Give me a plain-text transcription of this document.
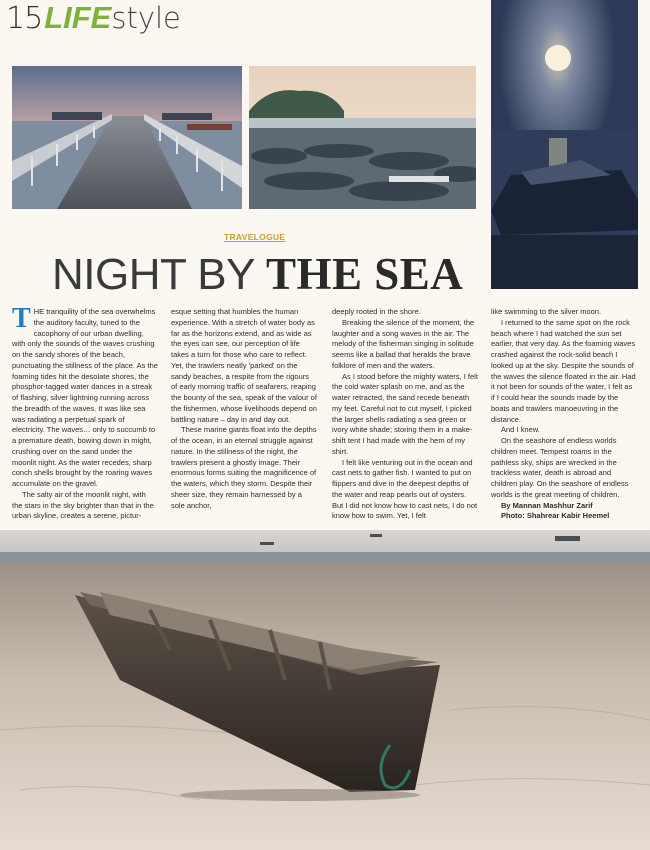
15 LIFE style
TRAVELOGUE
NIGHT BY THE SEA

THE tranquility of the sea overwhelms the auditory faculty, tuned to the cacophony of our urban dwelling, with only the sounds of the waves crushing on the sandy shores of the beach, punctuating the stillness of the place. As the foaming tides hit the desolate shores, the phosphor-tagged water dances in a streak of flashing, silver lightning running across the breadth of the waves. It was like sea was radiating a perpetual spark of electricity. The waves… only to succumb to a premature death, bowing down in might, crushing over on the sand under the moonlit night. As the water recedes, sharp conch shells brought by the roaring waves accumulate on the gravel.

The salty air of the moonlit night, with the stars in the sky brighter than that in the urban skyline, creates a serene, pictur-

esque setting that humbles the human experience. With a stretch of water body as far as the horizons extend, and as wide as the eyes can see, our perception of life takes a turn for those who care to reflect. Yet, the trawlers neatly 'parked' on the sandy beaches, a respite from the rigours of early morning traffic of seafarers, reaping the bounty of the sea, speak of the valour of the fishermen, whose livelihoods depend on battling nature – day in and day out.

These marine giants float into the depths of the ocean, in an eternal struggle against nature. In the stillness of the night, the trawlers present a ghostly image. Their enormous forms suiting the magnificence of the waters, which they storm. Despite their sheer size, they remain harnessed by a sole anchor,

deeply rooted in the shore.

Breaking the silence of the moment, the laughter and a song waves in the air. The melody of the fisherman singing in solitude seems like a ballad that heralds the brave folklore of men and the waters.

As I stood before the mighty waters, I felt the cold water splash on me, and as the water retracted, the sand recede beneath my feet. Careful not to cut myself, I picked the larger shells radiating a sea green or ivory white shade; storing them in a make-shift tent I had made with the hem of my shirt.

I felt like venturing out in the ocean and cast nets to gather fish. I wanted to put on flippers and dive in the deepest depths of the water and reap pearls out of oysters. But I did not know how to cast nets, I do not know how to swim. Yet, I felt

like swimming to the silver moon.

I returned to the same spot on the rock beach where I had watched the sun set earlier, that very day. As the foaming waves crashed against the rock-solid beach I looked up at the sky. Despite the sounds of the waves the silence floated in the air. Had it not been for sounds of the water, I felt as if I could hear the sounds made by the boats and trawlers manoeuvring in the distance.

And I knew.

On the seashore of endless worlds children meet. Tempest roams in the pathless sky, ships are wrecked in the trackless water, death is abroad and children play. On the seashore of endless worlds is the great meeting of children.

By Mannan Mashhur Zarif

Photo: Shahrear Kabir Heemel
